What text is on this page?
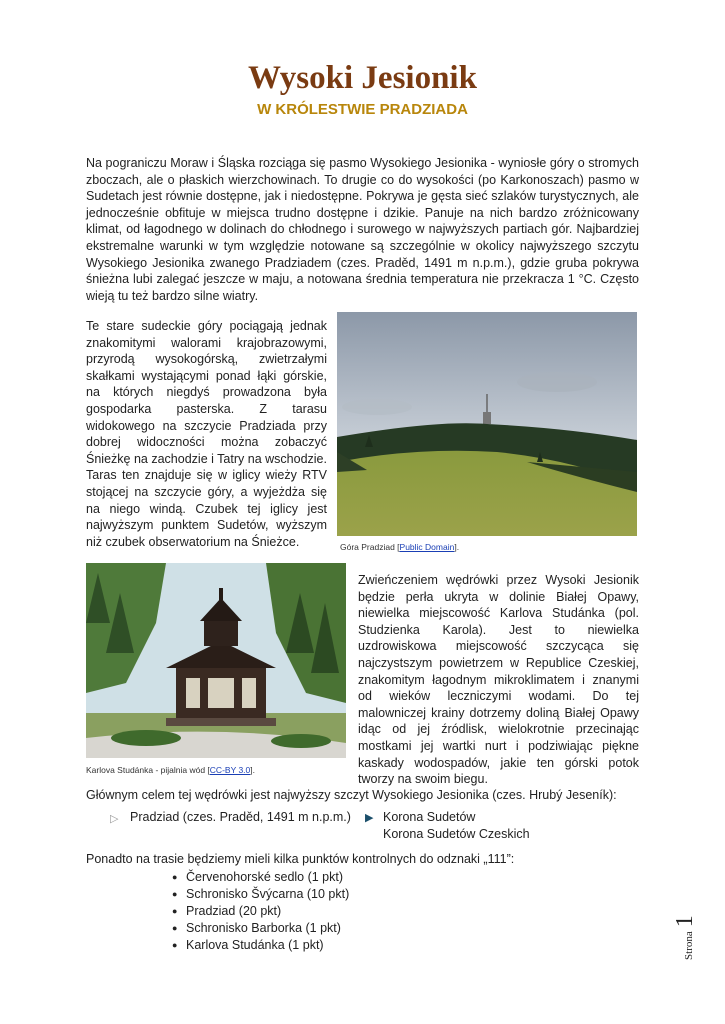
Wysoki Jesionik
W KRÓLESTWIE PRADZIADA

Na pograniczu Moraw i Śląska rozciąga się pasmo Wysokiego Jesionika - wyniosłe góry o stromych zboczach, ale o płaskich wierzchowinach. To drugie co do wysokości (po Karkonoszach) pasmo w Sudetach jest równie dostępne, jak i niedostępne. Pokrywa je gęsta sieć szlaków turystycznych, ale jednocześnie obfituje w miejsca trudno dostępne i dzikie. Panuje na nich bardzo zróżnicowany klimat, od łagodnego w dolinach do chłodnego i surowego w najwyższych partiach gór. Najbardziej ekstremalne warunki w tym względzie notowane są szczególnie w okolicy najwyższego szczytu Wysokiego Jesionika zwanego Pradziadem (czes. Praděd, 1491 m n.p.m.), gdzie gruba pokrywa śnieżna lubi zalegać jeszcze w maju, a notowana średnia temperatura nie przekracza 1 °C. Często wieją tu też bardzo silne wiatry.

Te stare sudeckie góry pociągają jednak znakomitymi walorami krajobrazowymi, przyrodą wysokogórską, zwietrzałymi skałkami wystającymi ponad łąki górskie, na których niegdyś prowadzona była gospodarka pasterska. Z tarasu widokowego na szczycie Pradziada przy dobrej widoczności można zobaczyć Śnieżkę na zachodzie i Tatry na wschodzie. Taras ten znajduje się w iglicy wieży RTV stojącej na szczycie góry, a wyjeżdża się na niego windą. Czubek tej iglicy jest najwyższym punktem Sudetów, wyższym niż czubek obserwatorium na Śnieżce.	Góra Pradziad [Public Domain].
Karlova Studánka - pijalnia wód [CC-BY 3.0].

Zwieńczeniem wędrówki przez Wysoki Jesionik będzie perła ukryta w dolinie Białej Opawy, niewielka miejscowość Karlova Studánka (pol. Studzienka Karola). Jest to niewielka uzdrowiskowa miejscowość szczycąca się najczystszym powietrzem w Republice Czeskiej, znakomitym łagodnym mikroklimatem i znanymi od wieków leczniczymi wodami. Do tej malowniczej krainy dotrzemy doliną Białej Opawy idąc od jej źródlisk, wielokrotnie przecinając mostkami jej wartki nurt i podziwiając piękne kaskady wodospadów, jakie ten górski potok tworzy na swoim biegu.

Głównym celem tej wędrówki jest najwyższy szczyt Wysokiego Jesionika (czes. Hrubý Jeseník):
▷ Pradziad (czes. Praděd, 1491 m n.p.m.) ▶ Korona Sudetów
Korona Sudetów Czeskich
Ponadto na trasie będziemy mieli kilka punktów kontrolnych do odznaki „111”:
● Červenohorské sedlo (1 pkt)
● Schronisko Švýcarna (10 pkt)
● Pradziad (20 pkt)
● Schronisko Barborka (1 pkt)
● Karlova Studánka (1 pkt)	Strona1
